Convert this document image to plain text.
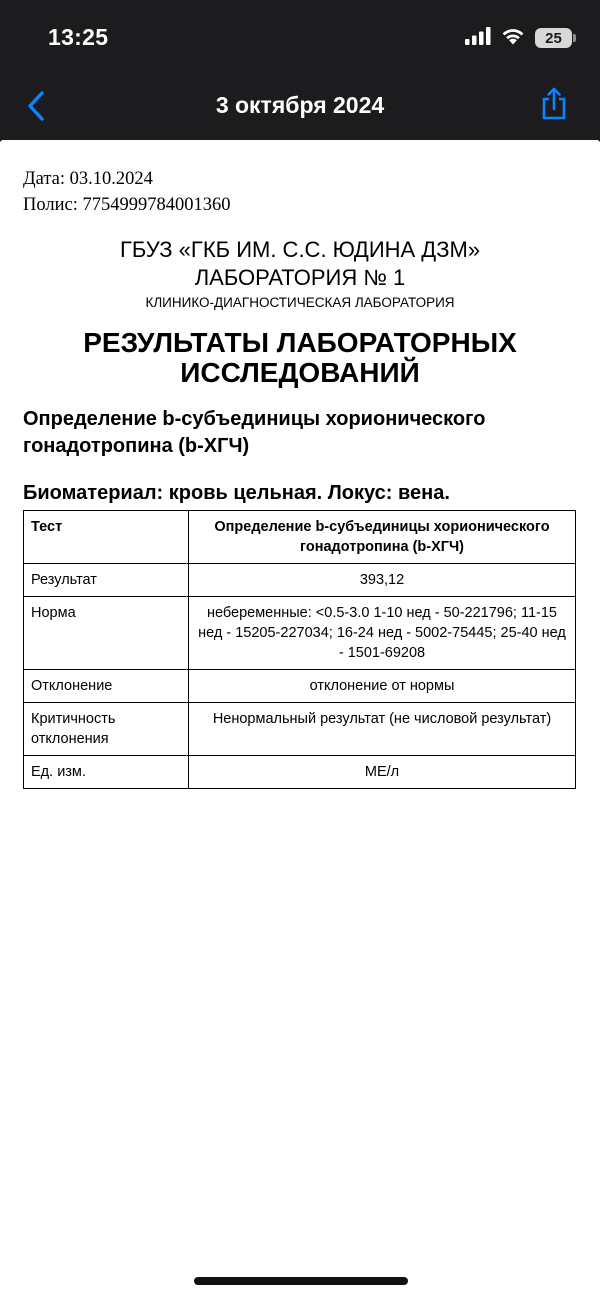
13:25	25
3 октября 2024
Дата: 03.10.2024
Полис: 7754999784001360
ГБУЗ «ГКБ ИМ. С.С. ЮДИНА ДЗМ»
ЛАБОРАТОРИЯ № 1
КЛИНИКО-ДИАГНОСТИЧЕСКАЯ ЛАБОРАТОРИЯ
РЕЗУЛЬТАТЫ ЛАБОРАТОРНЫХ
ИССЛЕДОВАНИЙ
Определение b-субъединицы хорионического гонадотропина (b-ХГЧ)
Биоматериал: кровь цельная. Локус: вена.
Тест	Определение b-субъединицы хорионического гонадотропина (b-ХГЧ)
Результат	393,12
Норма	небеременные: <0.5-3.0 1-10 нед - 50-221796; 11-15 нед - 15205-227034; 16-24 нед - 5002-75445; 25-40 нед - 1501-69208
Отклонение	отклонение от нормы
Критичность отклонения	Ненормальный результат (не числовой результат)
Ед. изм.	МЕ/л
